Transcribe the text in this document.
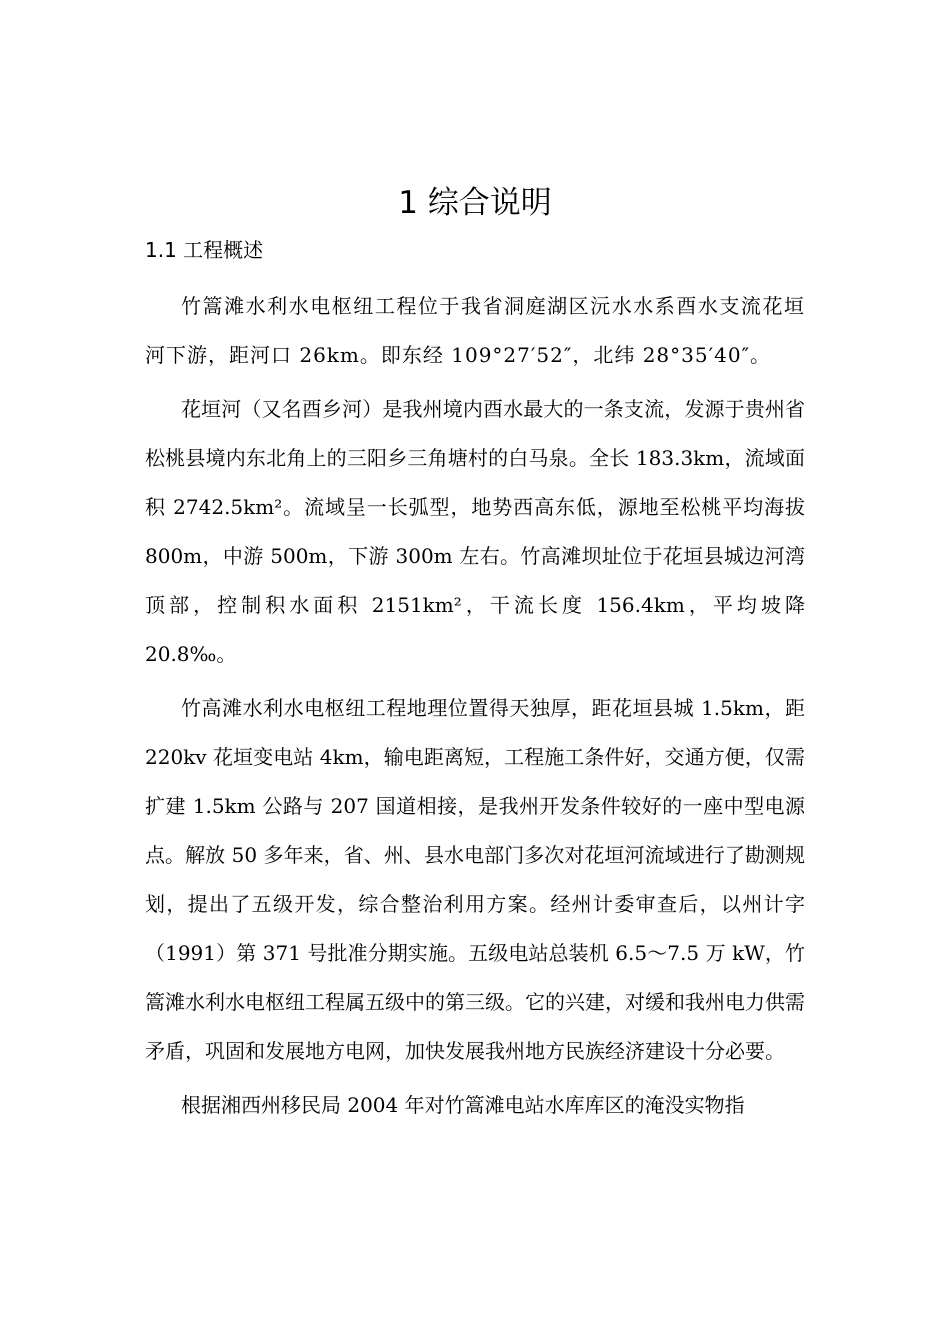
1 综合说明
1.1 工程概述

竹篙滩水利水电枢纽工程位于我省洞庭湖区沅水水系酉水支流花垣河下游，距河口 26km。即东经 109°27′52″，北纬 28°35′40″。

花垣河（又名酉乡河）是我州境内酉水最大的一条支流，发源于贵州省松桃县境内东北角上的三阳乡三角塘村的白马泉。全长 183.3km，流域面积 2742.5km²。流域呈一长弧型，地势西高东低，源地至松桃平均海拔 800m，中游 500m，下游 300m 左右。竹高滩坝址位于花垣县城边河湾顶部，控制积水面积 2151km²，干流长度 156.4km，平均坡降 20.8‰。

竹高滩水利水电枢纽工程地理位置得天独厚，距花垣县城 1.5km，距 220kv 花垣变电站 4km，输电距离短，工程施工条件好，交通方便，仅需扩建 1.5km 公路与 207 国道相接，是我州开发条件较好的一座中型电源点。解放 50 多年来，省、州、县水电部门多次对花垣河流域进行了勘测规划，提出了五级开发，综合整治利用方案。经州计委审查后，以州计字（1991）第 371 号批准分期实施。五级电站总装机 6.5～7.5 万 kW，竹篙滩水利水电枢纽工程属五级中的第三级。它的兴建，对缓和我州电力供需矛盾，巩固和发展地方电网，加快发展我州地方民族经济建设十分必要。

根据湘西州移民局 2004 年对竹篙滩电站水库库区的淹没实物指
